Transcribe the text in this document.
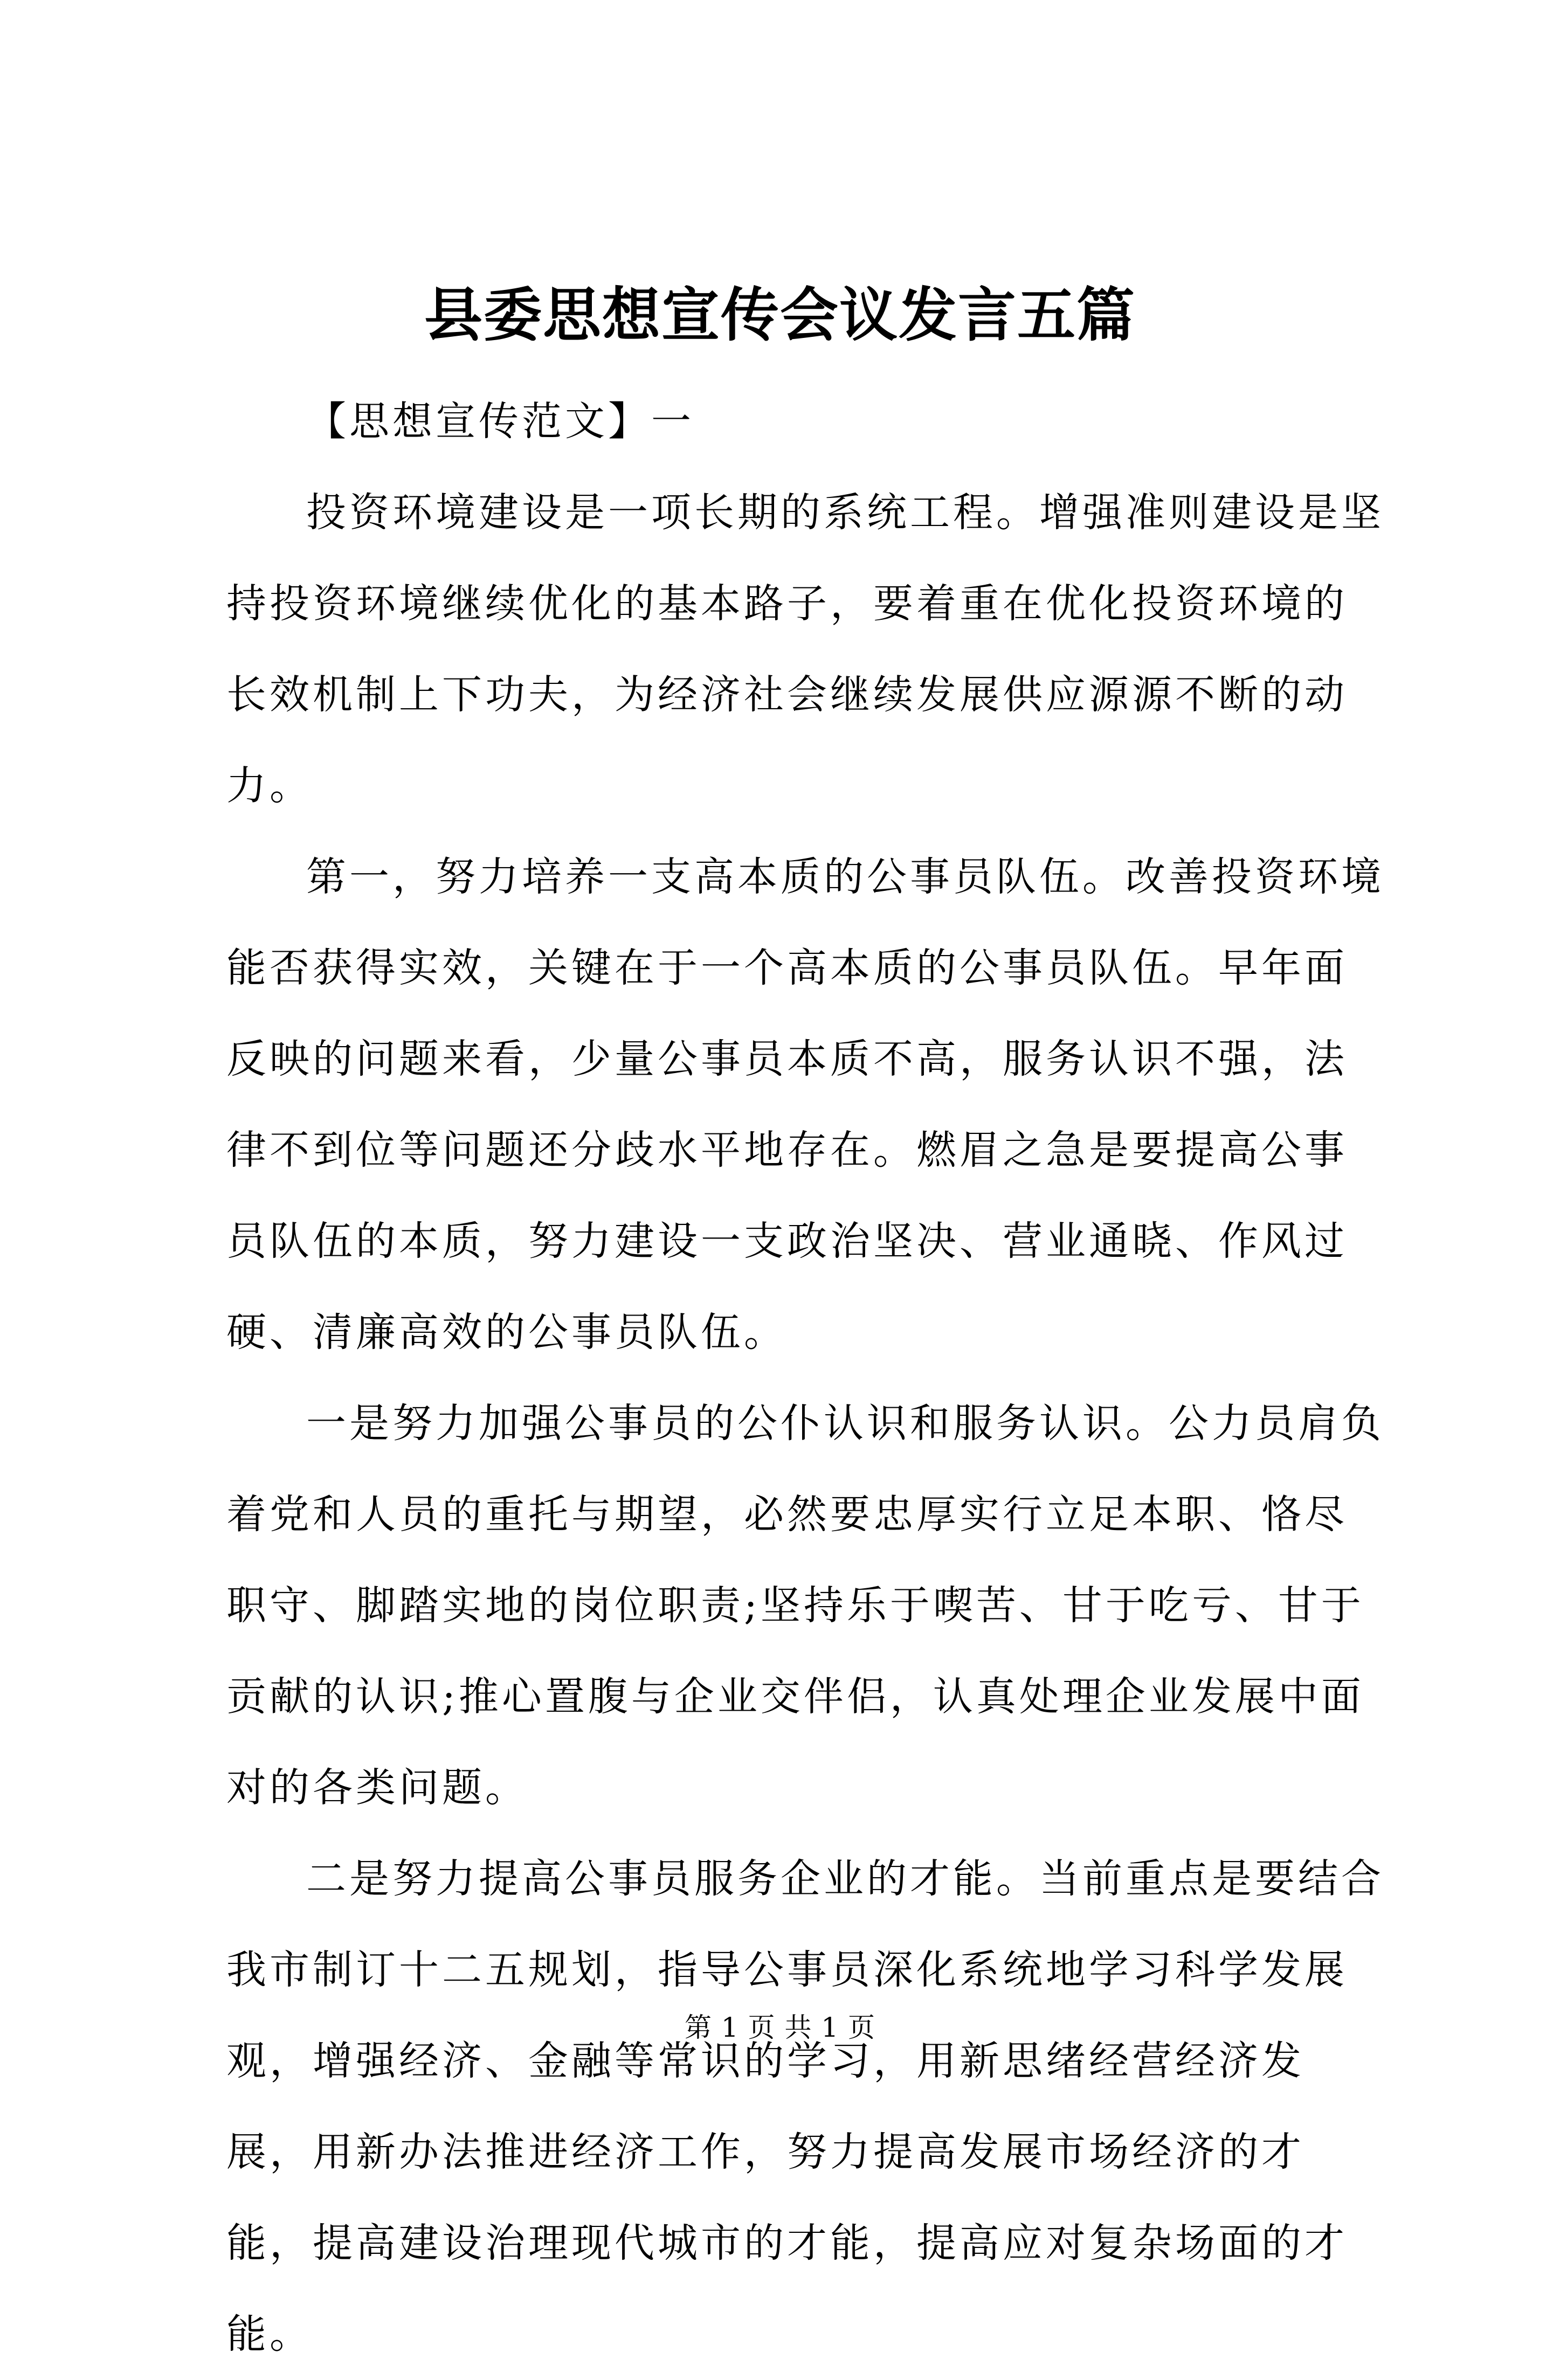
县委思想宣传会议发言五篇

【思想宣传范文】一

投资环境建设是一项长期的系统工程。增强准则建设是坚持投资环境继续优化的基本路子，要着重在优化投资环境的长效机制上下功夫，为经济社会继续发展供应源源不断的动力。

第一，努力培养一支高本质的公事员队伍。改善投资环境能否获得实效，关键在于一个高本质的公事员队伍。早年面反映的问题来看，少量公事员本质不高，服务认识不强，法律不到位等问题还分歧水平地存在。燃眉之急是要提高公事员队伍的本质，努力建设一支政治坚决、营业通晓、作风过硬、清廉高效的公事员队伍。

一是努力加强公事员的公仆认识和服务认识。公力员肩负着党和人员的重托与期望，必然要忠厚实行立足本职、恪尽职守、脚踏实地的岗位职责;坚持乐于喫苦、甘于吃亏、甘于贡献的认识;推心置腹与企业交伴侣，认真处理企业发展中面对的各类问题。

二是努力提高公事员服务企业的才能。当前重点是要结合我市制订十二五规划，指导公事员深化系统地学习科学发展观，增强经济、金融等常识的学习，用新思绪经营经济发展，用新办法推进经济工作，努力提高发展市场经济的才能，提高建设治理现代城市的才能，提高应对复杂场面的才能。

第 1 页 共 1 页
